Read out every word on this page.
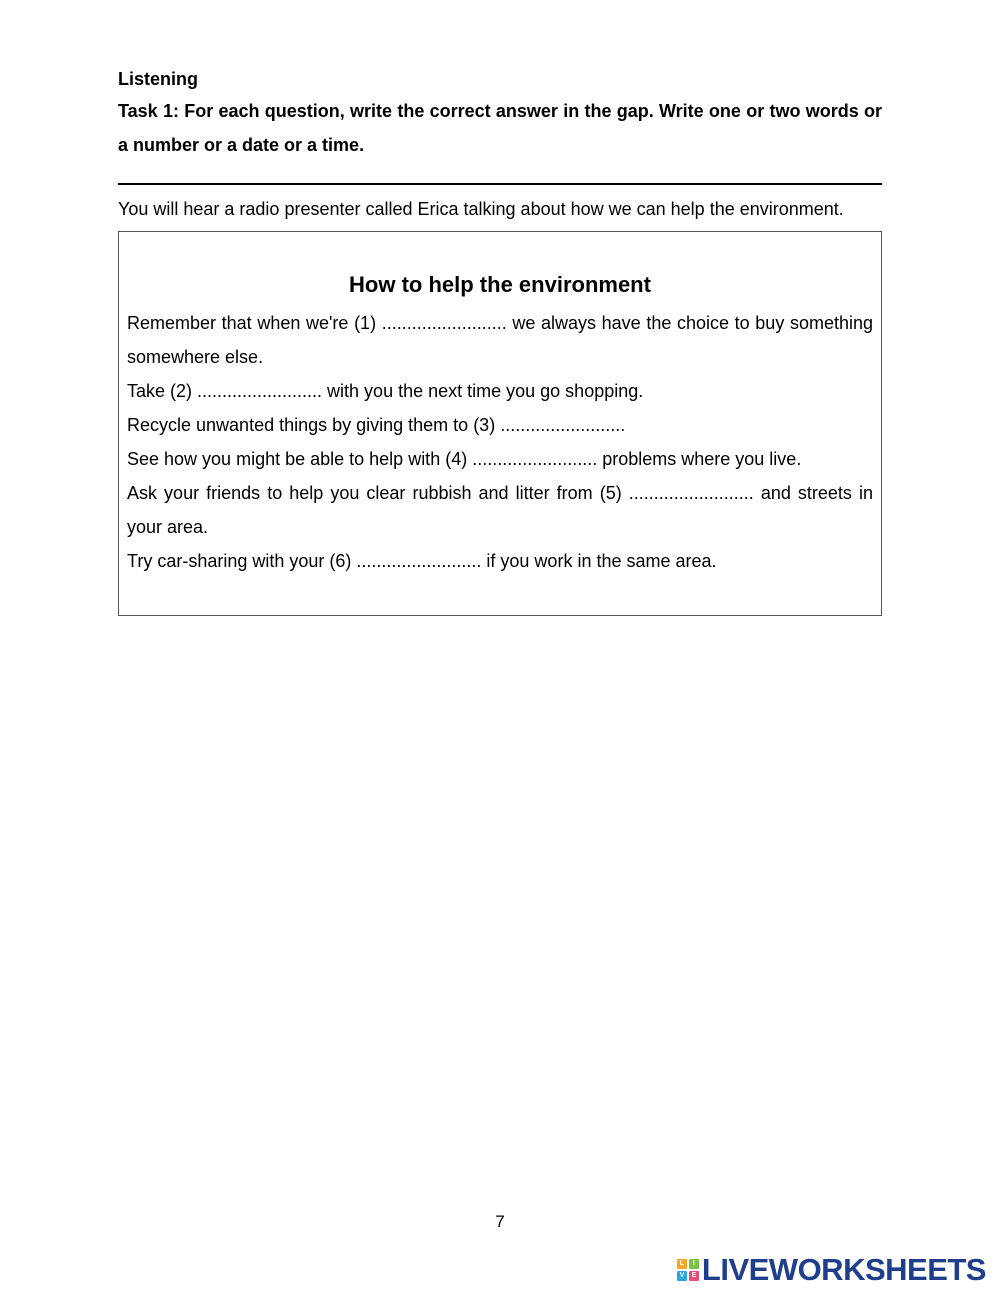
Listening

Task 1: For each question, write the correct answer in the gap. Write one or two words or a number or a date or a time.

You will hear a radio presenter called Erica talking about how we can help the environment.

How to help the environment

Remember that when we're (1) ......................... we always have the choice to buy something somewhere else.
Take (2) ......................... with you the next time you go shopping.
Recycle unwanted things by giving them to (3) .........................
See how you might be able to help with (4) ......................... problems where you live.
Ask your friends to help you clear rubbish and litter from (5) ......................... and streets in your area.
Try car-sharing with your (6) ......................... if you work in the same area.
7
L	I
V	E LIVEWORKSHEETS
